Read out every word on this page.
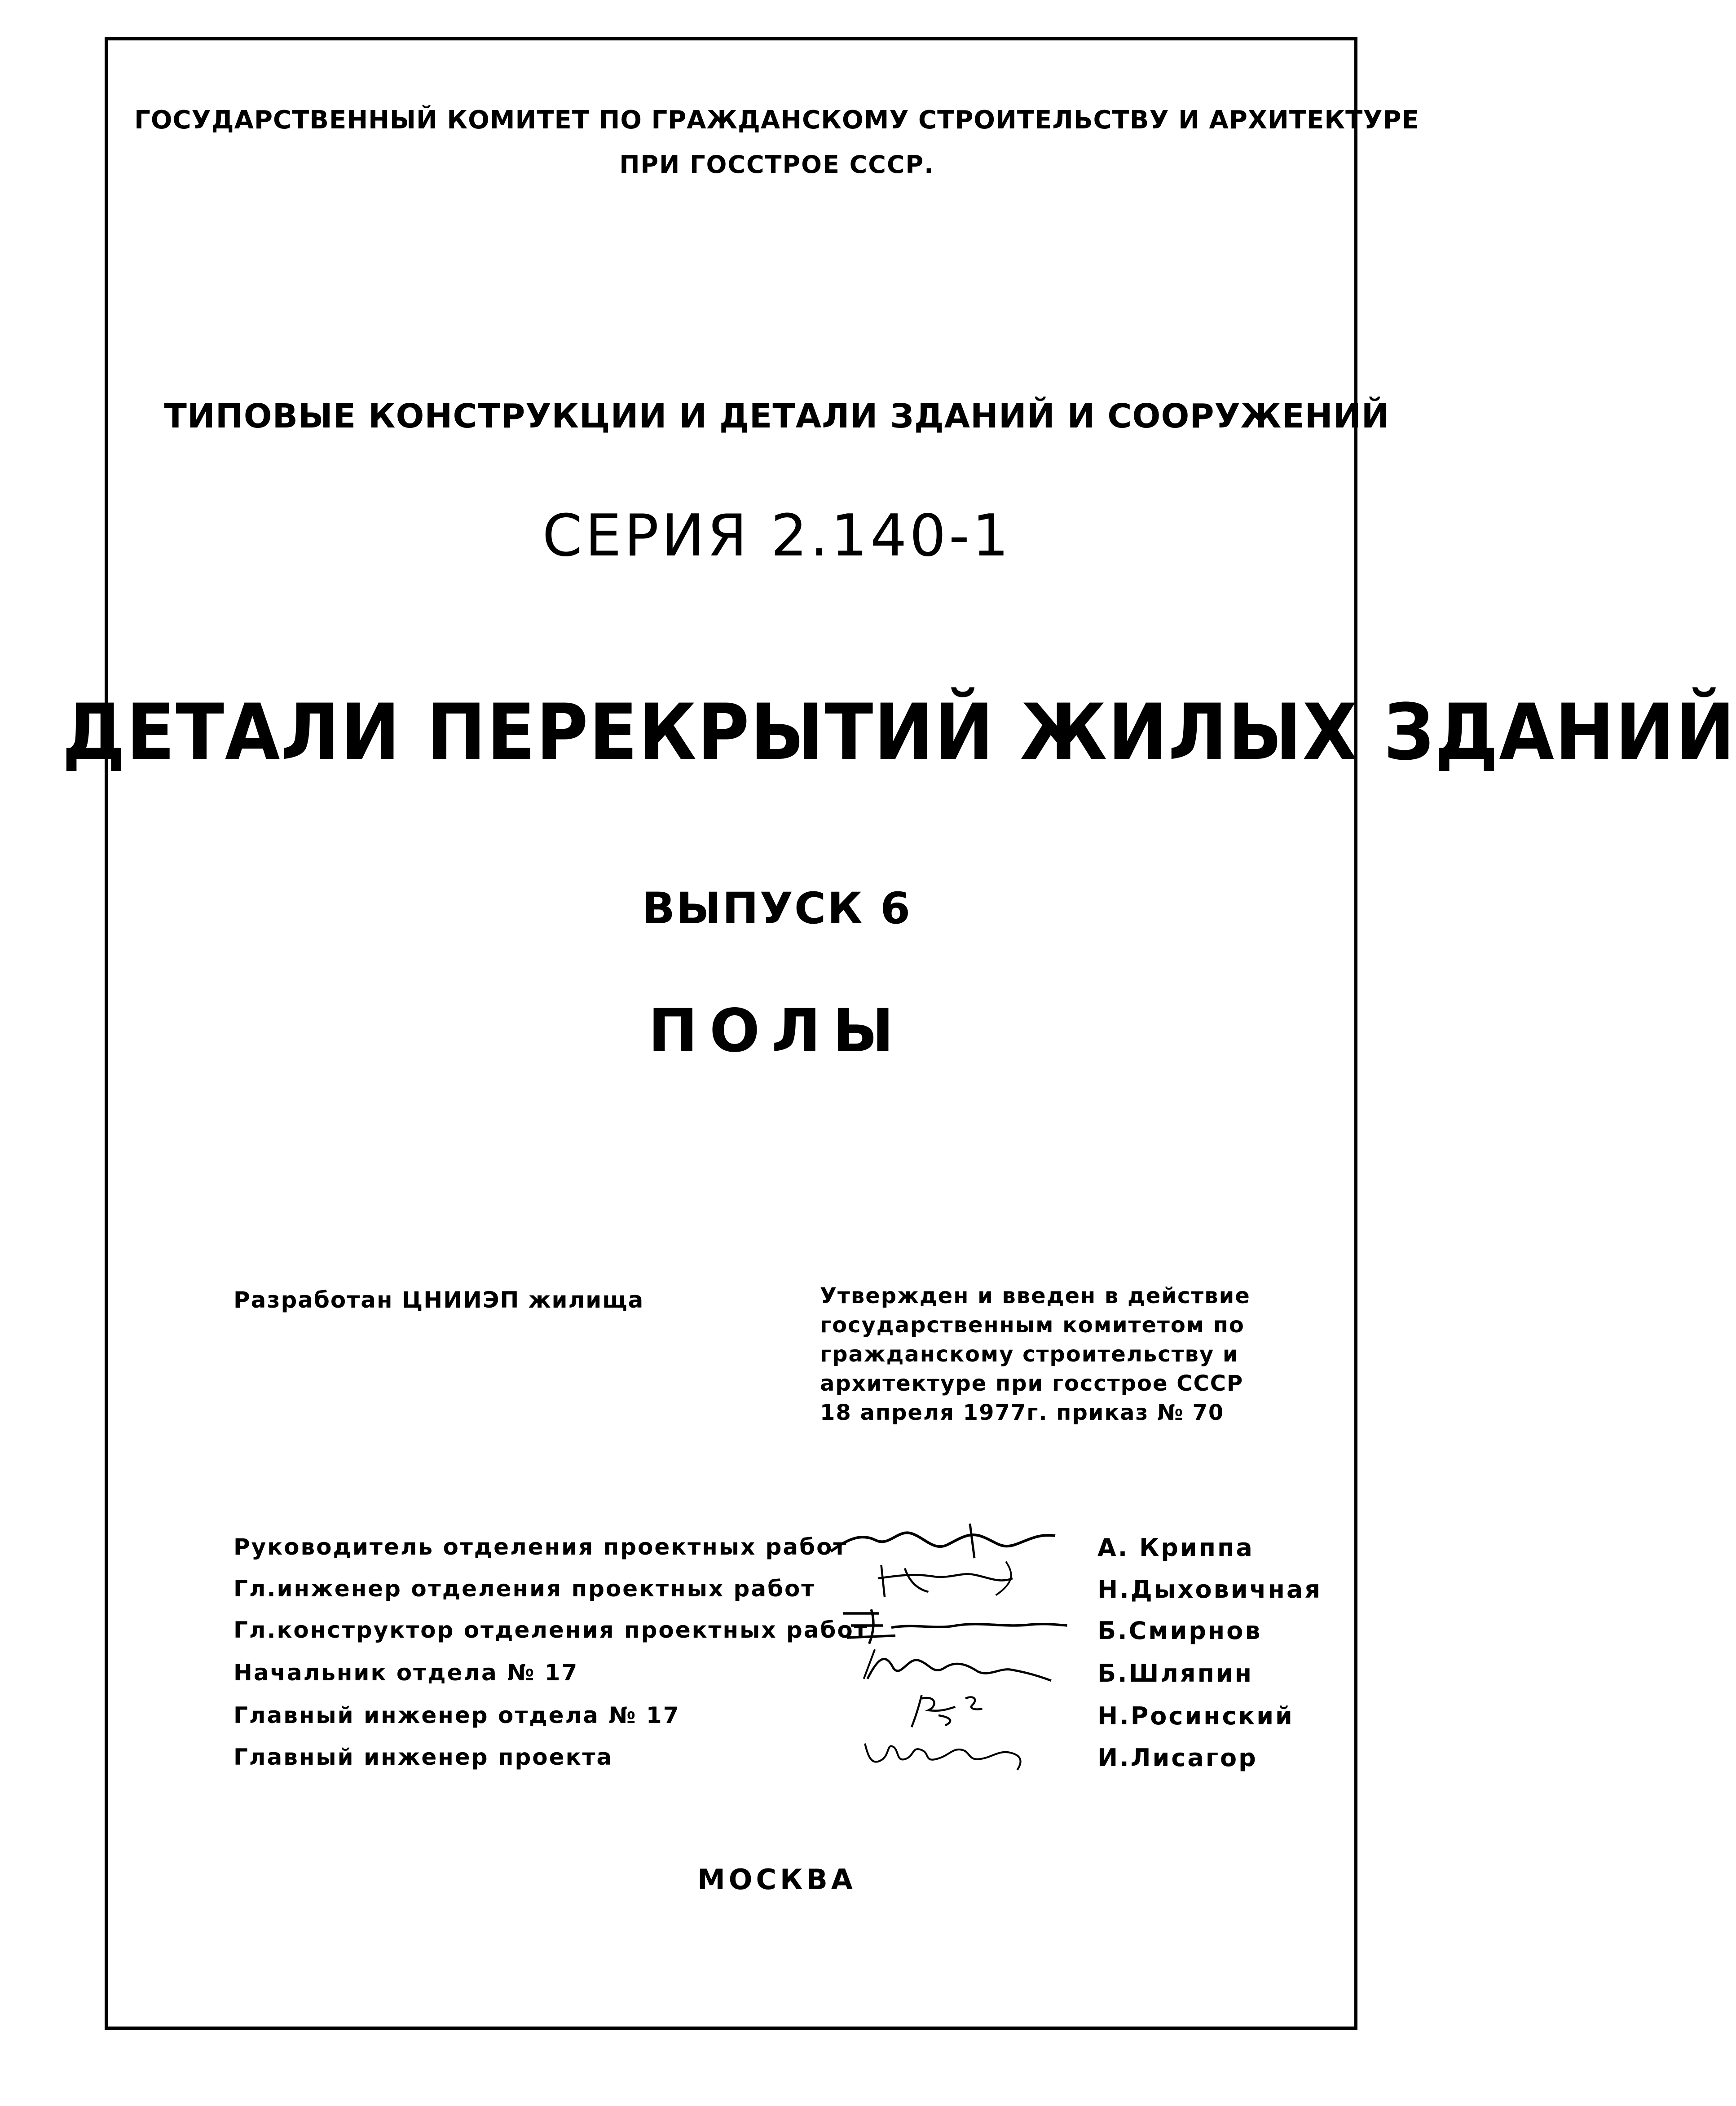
ГОСУДАРСТВЕННЫЙ КОМИТЕТ ПО ГРАЖДАНСКОМУ СТРОИТЕЛЬСТВУ И АРХИТЕКТУРЕ
ПРИ ГОССТРОЕ СССР.
ТИПОВЫЕ КОНСТРУКЦИИ И ДЕТАЛИ ЗДАНИЙ И СООРУЖЕНИЙ
СЕРИЯ 2.140-1
ДЕТАЛИ ПЕРЕКРЫТИЙ ЖИЛЫХ ЗДАНИЙ
ВЫПУСК 6
ПОЛЫ
Разработан ЦНИИЭП жилища	Утвержден и введен в действие
государственным комитетом по
гражданскому строительству и
архитектуре при госстрое СССР
18 апреля 1977г. приказ № 70
Руководитель отделения проектных работ	А. Криппа
Гл.инженер отделения проектных работ	Н.Дыховичная
Гл.конструктор отделения проектных работ	Б.Смирнов
Начальник отдела № 17	Б.Шляпин
Главный инженер отдела № 17	Н.Росинский
Главный инженер проекта	И.Лисагор
МОСКВА
